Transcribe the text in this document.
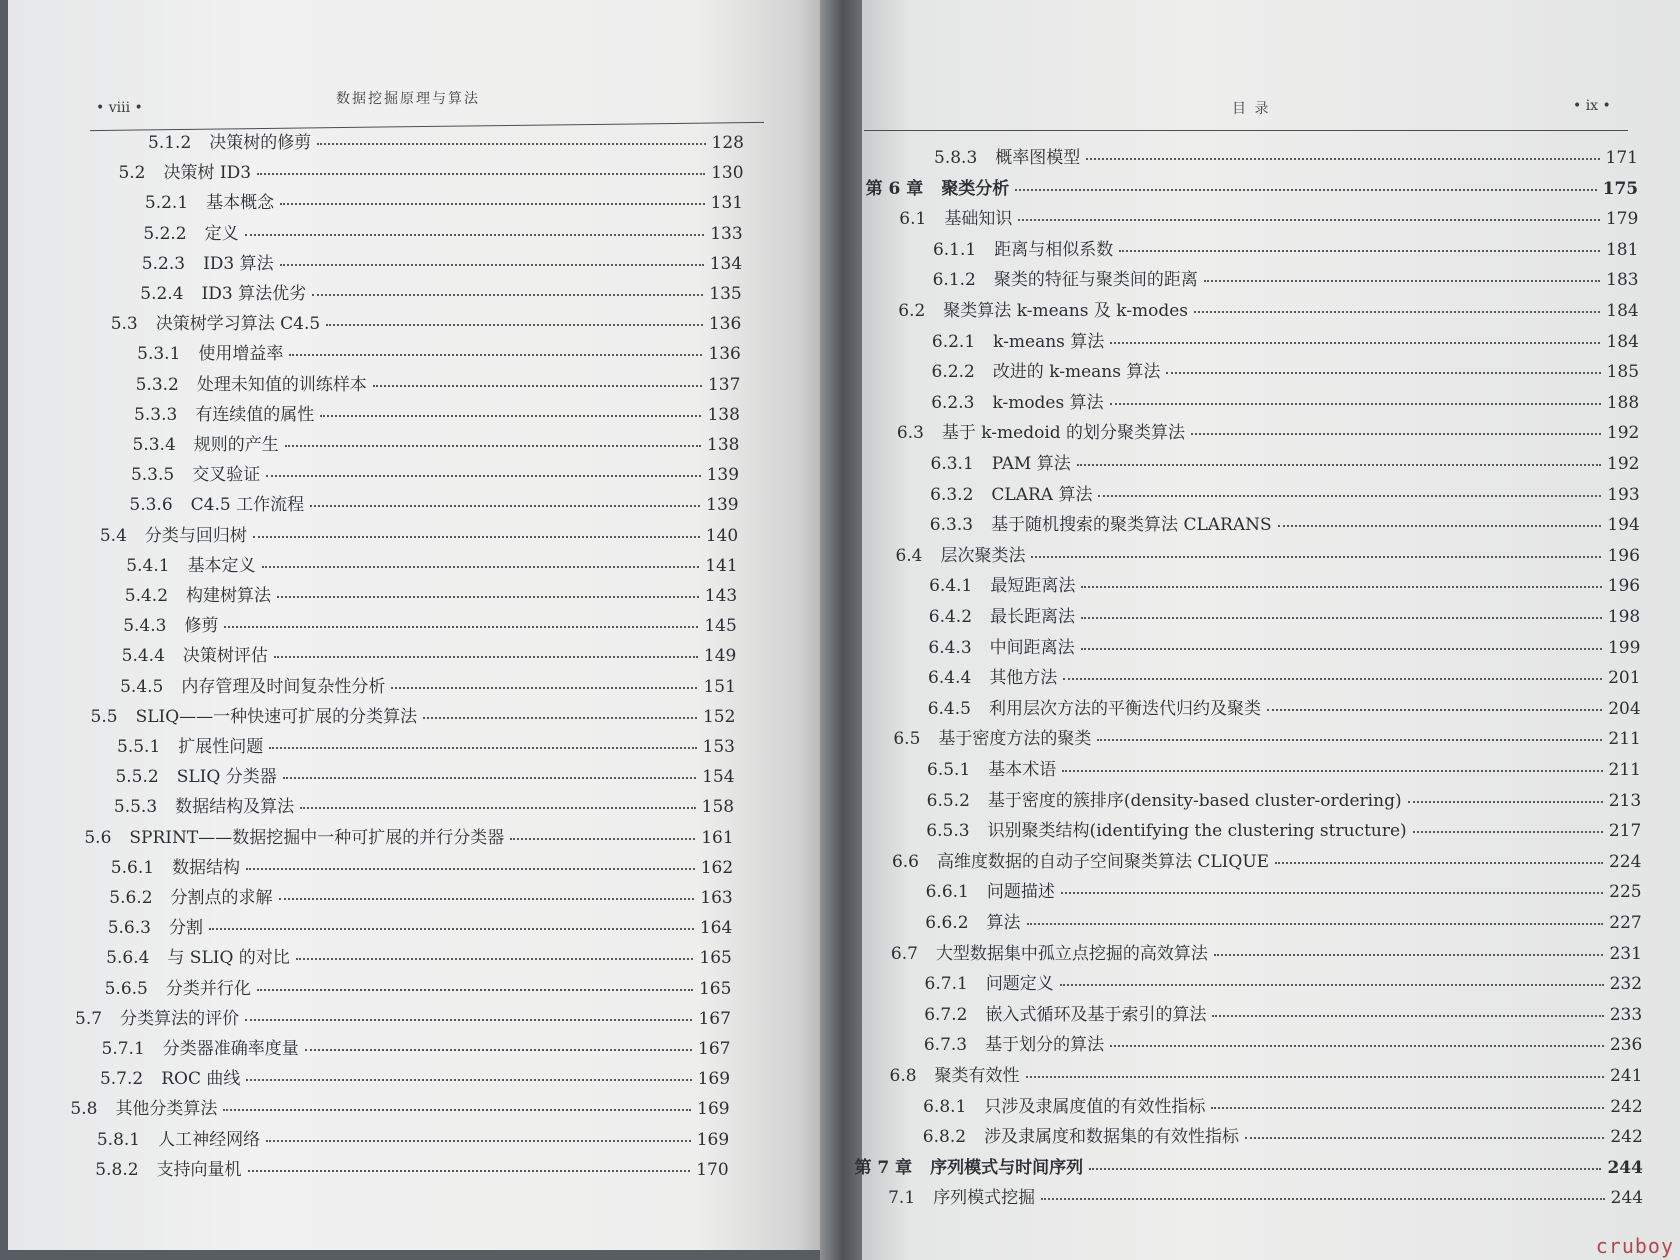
• viii •
数据挖掘原理与算法
5.1.2 决策树的修剪	128
5.2 决策树 ID3	130
5.2.1 基本概念	131
5.2.2 定义	133
5.2.3 ID3 算法	134
5.2.4 ID3 算法优劣	135
5.3 决策树学习算法 C4.5	136
5.3.1 使用增益率	136
5.3.2 处理未知值的训练样本	137
5.3.3 有连续值的属性	138
5.3.4 规则的产生	138
5.3.5 交叉验证	139
5.3.6 C4.5 工作流程	139
5.4 分类与回归树	140
5.4.1 基本定义	141
5.4.2 构建树算法	143
5.4.3 修剪	145
5.4.4 决策树评估	149
5.4.5 内存管理及时间复杂性分析	151
5.5 SLIQ——一种快速可扩展的分类算法	152
5.5.1 扩展性问题	153
5.5.2 SLIQ 分类器	154
5.5.3 数据结构及算法	158
5.6 SPRINT——数据挖掘中一种可扩展的并行分类器	161
5.6.1 数据结构	162
5.6.2 分割点的求解	163
5.6.3 分割	164
5.6.4 与 SLIQ 的对比	165
5.6.5 分类并行化	165
5.7 分类算法的评价	167
5.7.1 分类器准确率度量	167
5.7.2 ROC 曲线	169
5.8 其他分类算法	169
5.8.1 人工神经网络	169
5.8.2 支持向量机	170
目 录	• ix •
5.8.3 概率图模型	171
第 6 章 聚类分析	175
6.1 基础知识	179
6.1.1 距离与相似系数	181
6.1.2 聚类的特征与聚类间的距离	183
6.2 聚类算法 k-means 及 k-modes	184
6.2.1 k-means 算法	184
6.2.2 改进的 k-means 算法	185
6.2.3 k-modes 算法	188
6.3 基于 k-medoid 的划分聚类算法	192
6.3.1 PAM 算法	192
6.3.2 CLARA 算法	193
6.3.3 基于随机搜索的聚类算法 CLARANS	194
6.4 层次聚类法	196
6.4.1 最短距离法	196
6.4.2 最长距离法	198
6.4.3 中间距离法	199
6.4.4 其他方法	201
6.4.5 利用层次方法的平衡迭代归约及聚类	204
6.5 基于密度方法的聚类	211
6.5.1 基本术语	211
6.5.2 基于密度的簇排序(density-based cluster-ordering)	213
6.5.3 识别聚类结构(identifying the clustering structure)	217
6.6 高维度数据的自动子空间聚类算法 CLIQUE	224
6.6.1 问题描述	225
6.6.2 算法	227
6.7 大型数据集中孤立点挖掘的高效算法	231
6.7.1 问题定义	232
6.7.2 嵌入式循环及基于索引的算法	233
6.7.3 基于划分的算法	236
6.8 聚类有效性	241
6.8.1 只涉及隶属度值的有效性指标	242
6.8.2 涉及隶属度和数据集的有效性指标	242
第 7 章 序列模式与时间序列	244
7.1 序列模式挖掘	244
cruboy
